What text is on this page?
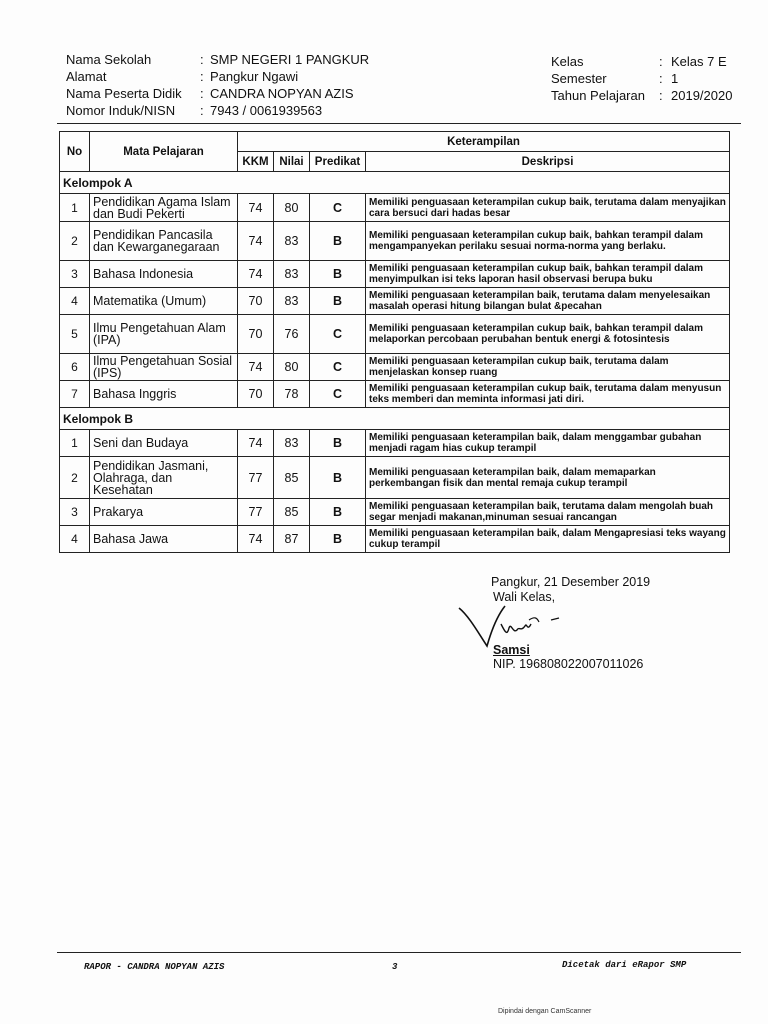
Nama Sekolah	: SMP NEGERI 1 PANGKUR
Alamat	: Pangkur Ngawi
Nama Peserta Didik : CANDRA NOPYAN AZIS
Nomor Induk/NISN : 7943 / 0061939563
Kelas	: Kelas 7 E
Semester	: 1
Tahun Pelajaran : 2019/2020
No	Mata Pelajaran	Keterampilan			
		KKM	Nilai	Predikat	Deskripsi
Kelompok A					
1	Pendidikan Agama Islam dan Budi Pekerti	74	80	C	Memiliki penguasaan keterampilan cukup baik, terutama dalam menyajikan cara bersuci dari hadas besar
2	Pendidikan Pancasila dan Kewarganegaraan	74	83	B	Memiliki penguasaan keterampilan cukup baik, bahkan terampil dalam mengampanyekan perilaku sesuai norma-norma yang berlaku.
3	Bahasa Indonesia	74	83	B	Memiliki penguasaan keterampilan cukup baik, bahkan terampil dalam menyimpulkan isi teks laporan hasil observasi berupa buku
4	Matematika (Umum)	70	83	B	Memiliki penguasaan keterampilan baik, terutama dalam menyelesaikan masalah operasi hitung bilangan bulat &pecahan
5	Ilmu Pengetahuan Alam (IPA)	70	76	C	Memiliki penguasaan keterampilan cukup baik, bahkan terampil dalam melaporkan percobaan perubahan bentuk energi & fotosintesis
6	Ilmu Pengetahuan Sosial (IPS)	74	80	C	Memiliki penguasaan keterampilan cukup baik, terutama dalam menjelaskan konsep ruang
7	Bahasa Inggris	70	78	C	Memiliki penguasaan keterampilan cukup baik, terutama dalam menyusun teks memberi dan meminta informasi jati diri.
Kelompok B					
1	Seni dan Budaya	74	83	B	Memiliki penguasaan keterampilan baik, dalam menggambar gubahan menjadi ragam hias cukup terampil
2	Pendidikan Jasmani, Olahraga, dan Kesehatan	77	85	B	Memiliki penguasaan keterampilan baik, dalam memaparkan perkembangan fisik dan mental remaja cukup terampil
3	Prakarya	77	85	B	Memiliki penguasaan keterampilan baik, terutama dalam mengolah buah segar menjadi makanan,minuman sesuai rancangan
4	Bahasa Jawa	74	87	B	Memiliki penguasaan keterampilan baik, dalam Mengapresiasi teks wayang cukup terampil
Pangkur, 21 Desember 2019
Wali Kelas,
Samsi
NIP. 196808022007011026
RAPOR - CANDRA NOPYAN AZIS	3	Dicetak dari eRapor SMP
Dipindai dengan CamScanner
